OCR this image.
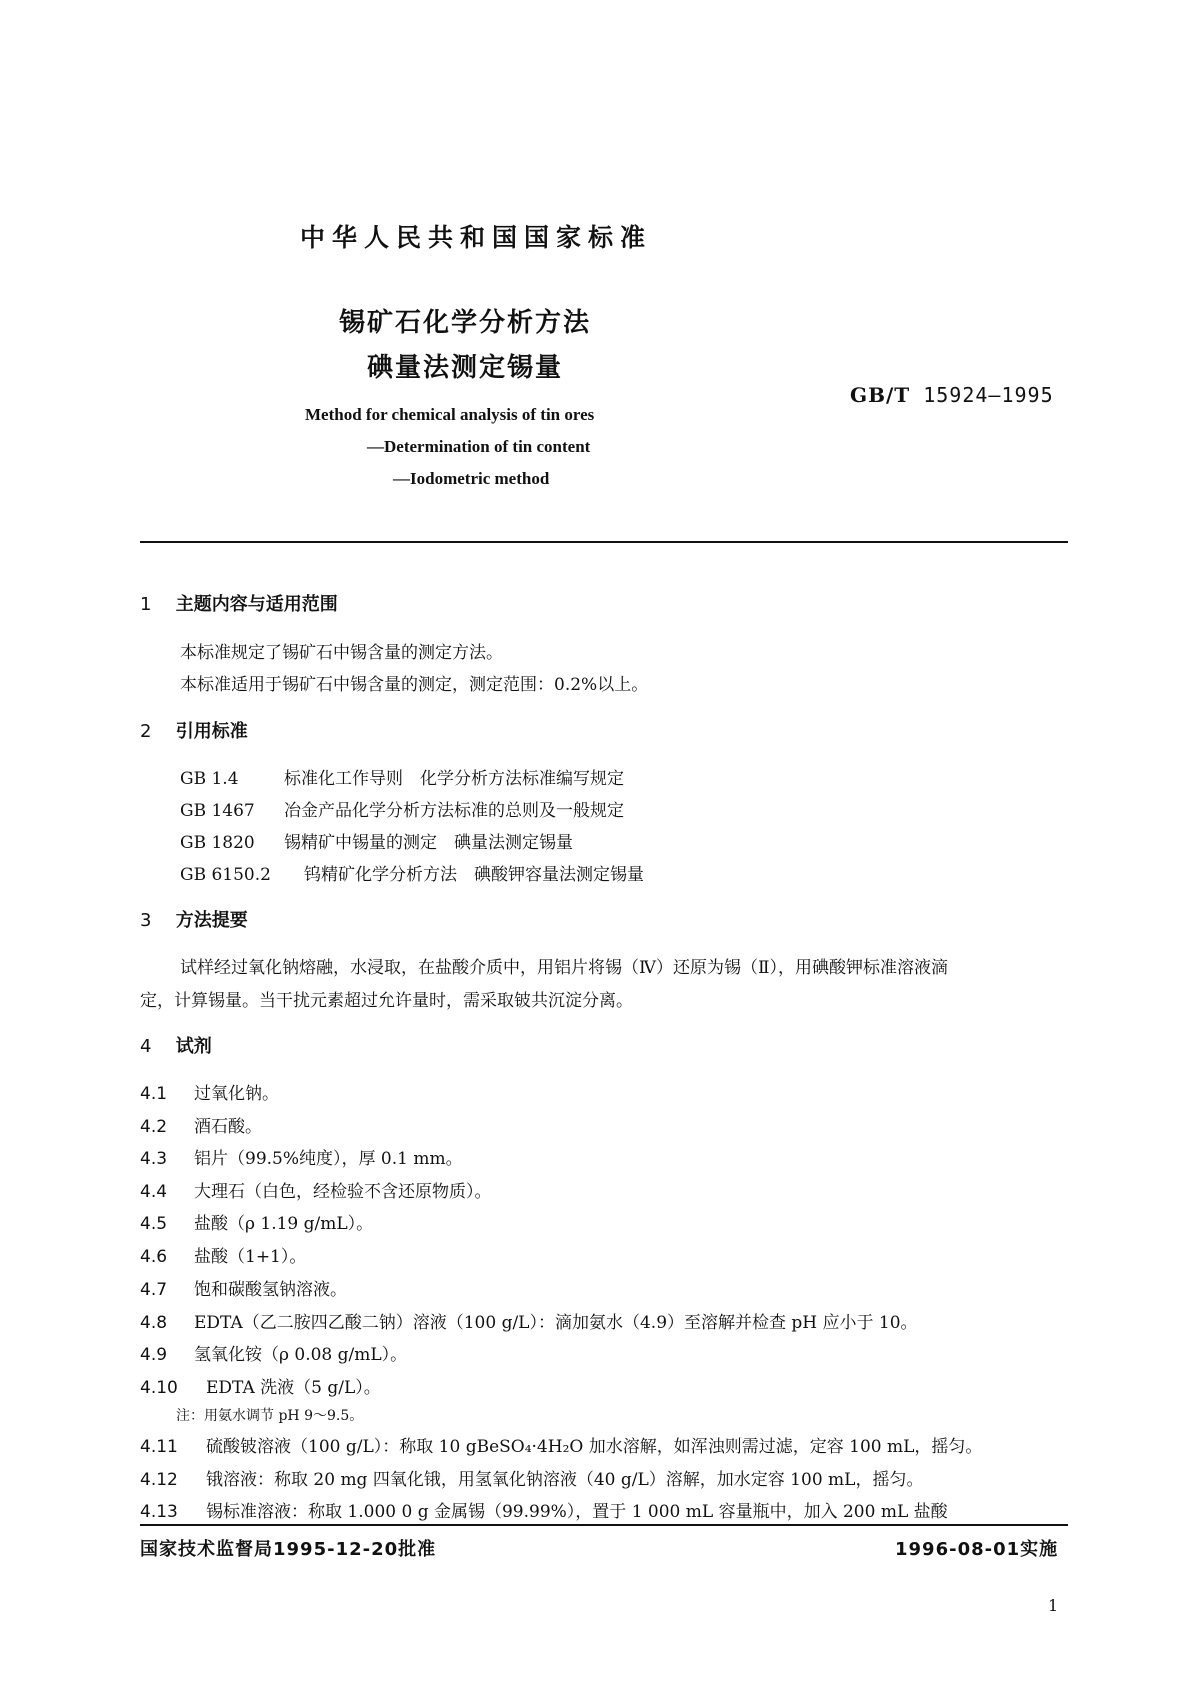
中华人民共和国国家标准
锡矿石化学分析方法
碘量法测定锡量
GB/T 15924—1995
Method for chemical analysis of tin ores
—Determination of tin content
—Iodometric method
1 主题内容与适用范围
本标准规定了锡矿石中锡含量的测定方法。
本标准适用于锡矿石中锡含量的测定，测定范围：0.2%以上。
2 引用标准
GB 1.4	标准化工作导则　化学分析方法标准编写规定
GB 1467 冶金产品化学分析方法标准的总则及一般规定
GB 1820 锡精矿中锡量的测定　碘量法测定锡量
GB 6150.2 钨精矿化学分析方法　碘酸钾容量法测定锡量
3 方法提要
试样经过氧化钠熔融，水浸取，在盐酸介质中，用铝片将锡（Ⅳ）还原为锡（Ⅱ），用碘酸钾标准溶液滴
定，计算锡量。当干扰元素超过允许量时，需采取铍共沉淀分离。
4 试剂
4.1 过氧化钠。
4.2 酒石酸。
4.3 铝片（99.5%纯度），厚 0.1 mm。
4.4 大理石（白色，经检验不含还原物质）。
4.5 盐酸（ρ 1.19 g/mL）。
4.6 盐酸（1+1）。
4.7 饱和碳酸氢钠溶液。
4.8 EDTA（乙二胺四乙酸二钠）溶液（100 g/L）：滴加氨水（4.9）至溶解并检查 pH 应小于 10。
4.9 氢氧化铵（ρ 0.08 g/mL）。
4.10 EDTA 洗液（5 g/L）。
注：用氨水调节 pH 9～9.5。
4.11 硫酸铍溶液（100 g/L）：称取 10 gBeSO₄·4H₂O 加水溶解，如浑浊则需过滤，定容 100 mL，摇匀。
4.12 锇溶液：称取 20 mg 四氧化锇，用氢氧化钠溶液（40 g/L）溶解，加水定容 100 mL，摇匀。
4.13 锡标准溶液：称取 1.000 0 g 金属锡（99.99%），置于 1 000 mL 容量瓶中，加入 200 mL 盐酸
国家技术监督局1995-12-20批准	1996-08-01实施
1
